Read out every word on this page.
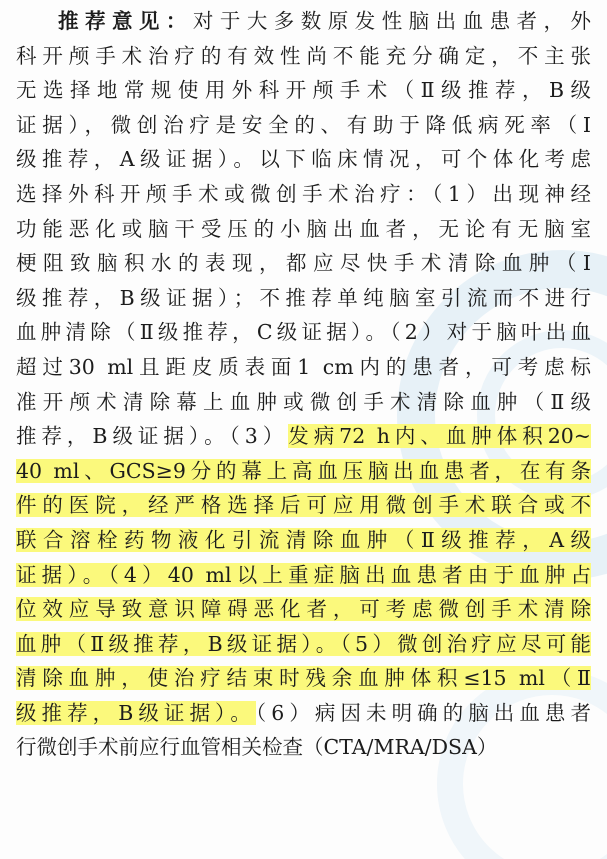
推荐意见：对于大多数原发性脑出血患者，外
科开颅手术治疗的有效性尚不能充分确定，不主张
无选择地常规使用外科开颅手术（Ⅱ级推荐，B级
证据），微创治疗是安全的、有助于降低病死率（Ⅰ
级推荐，A级证据）。以下临床情况，可个体化考虑
选择外科开颅手术或微创手术治疗：（1）出现神经
功能恶化或脑干受压的小脑出血者，无论有无脑室
梗阻致脑积水的表现，都应尽快手术清除血肿（Ⅰ
级推荐，B级证据）；不推荐单纯脑室引流而不进行
血肿清除（Ⅱ级推荐，C级证据）。（2）对于脑叶出血
超过30 ml且距皮质表面1 cm内的患者，可考虑标
准开颅术清除幕上血肿或微创手术清除血肿（Ⅱ级
推荐，B级证据）。（3）发病72 h内、血肿体积20~
40 ml、GCS≥9分的幕上高血压脑出血患者，在有条
件的医院，经严格选择后可应用微创手术联合或不
联合溶栓药物液化引流清除血肿（Ⅱ级推荐，A级
证据）。（4）40 ml以上重症脑出血患者由于血肿占
位效应导致意识障碍恶化者，可考虑微创手术清除
血肿（Ⅱ级推荐，B级证据）。（5）微创治疗应尽可能
清除血肿，使治疗结束时残余血肿体积≤15 ml（Ⅱ
级推荐，B级证据）。（6）病因未明确的脑出血患者
行微创手术前应行血管相关检查（CTA/MRA/DSA）
